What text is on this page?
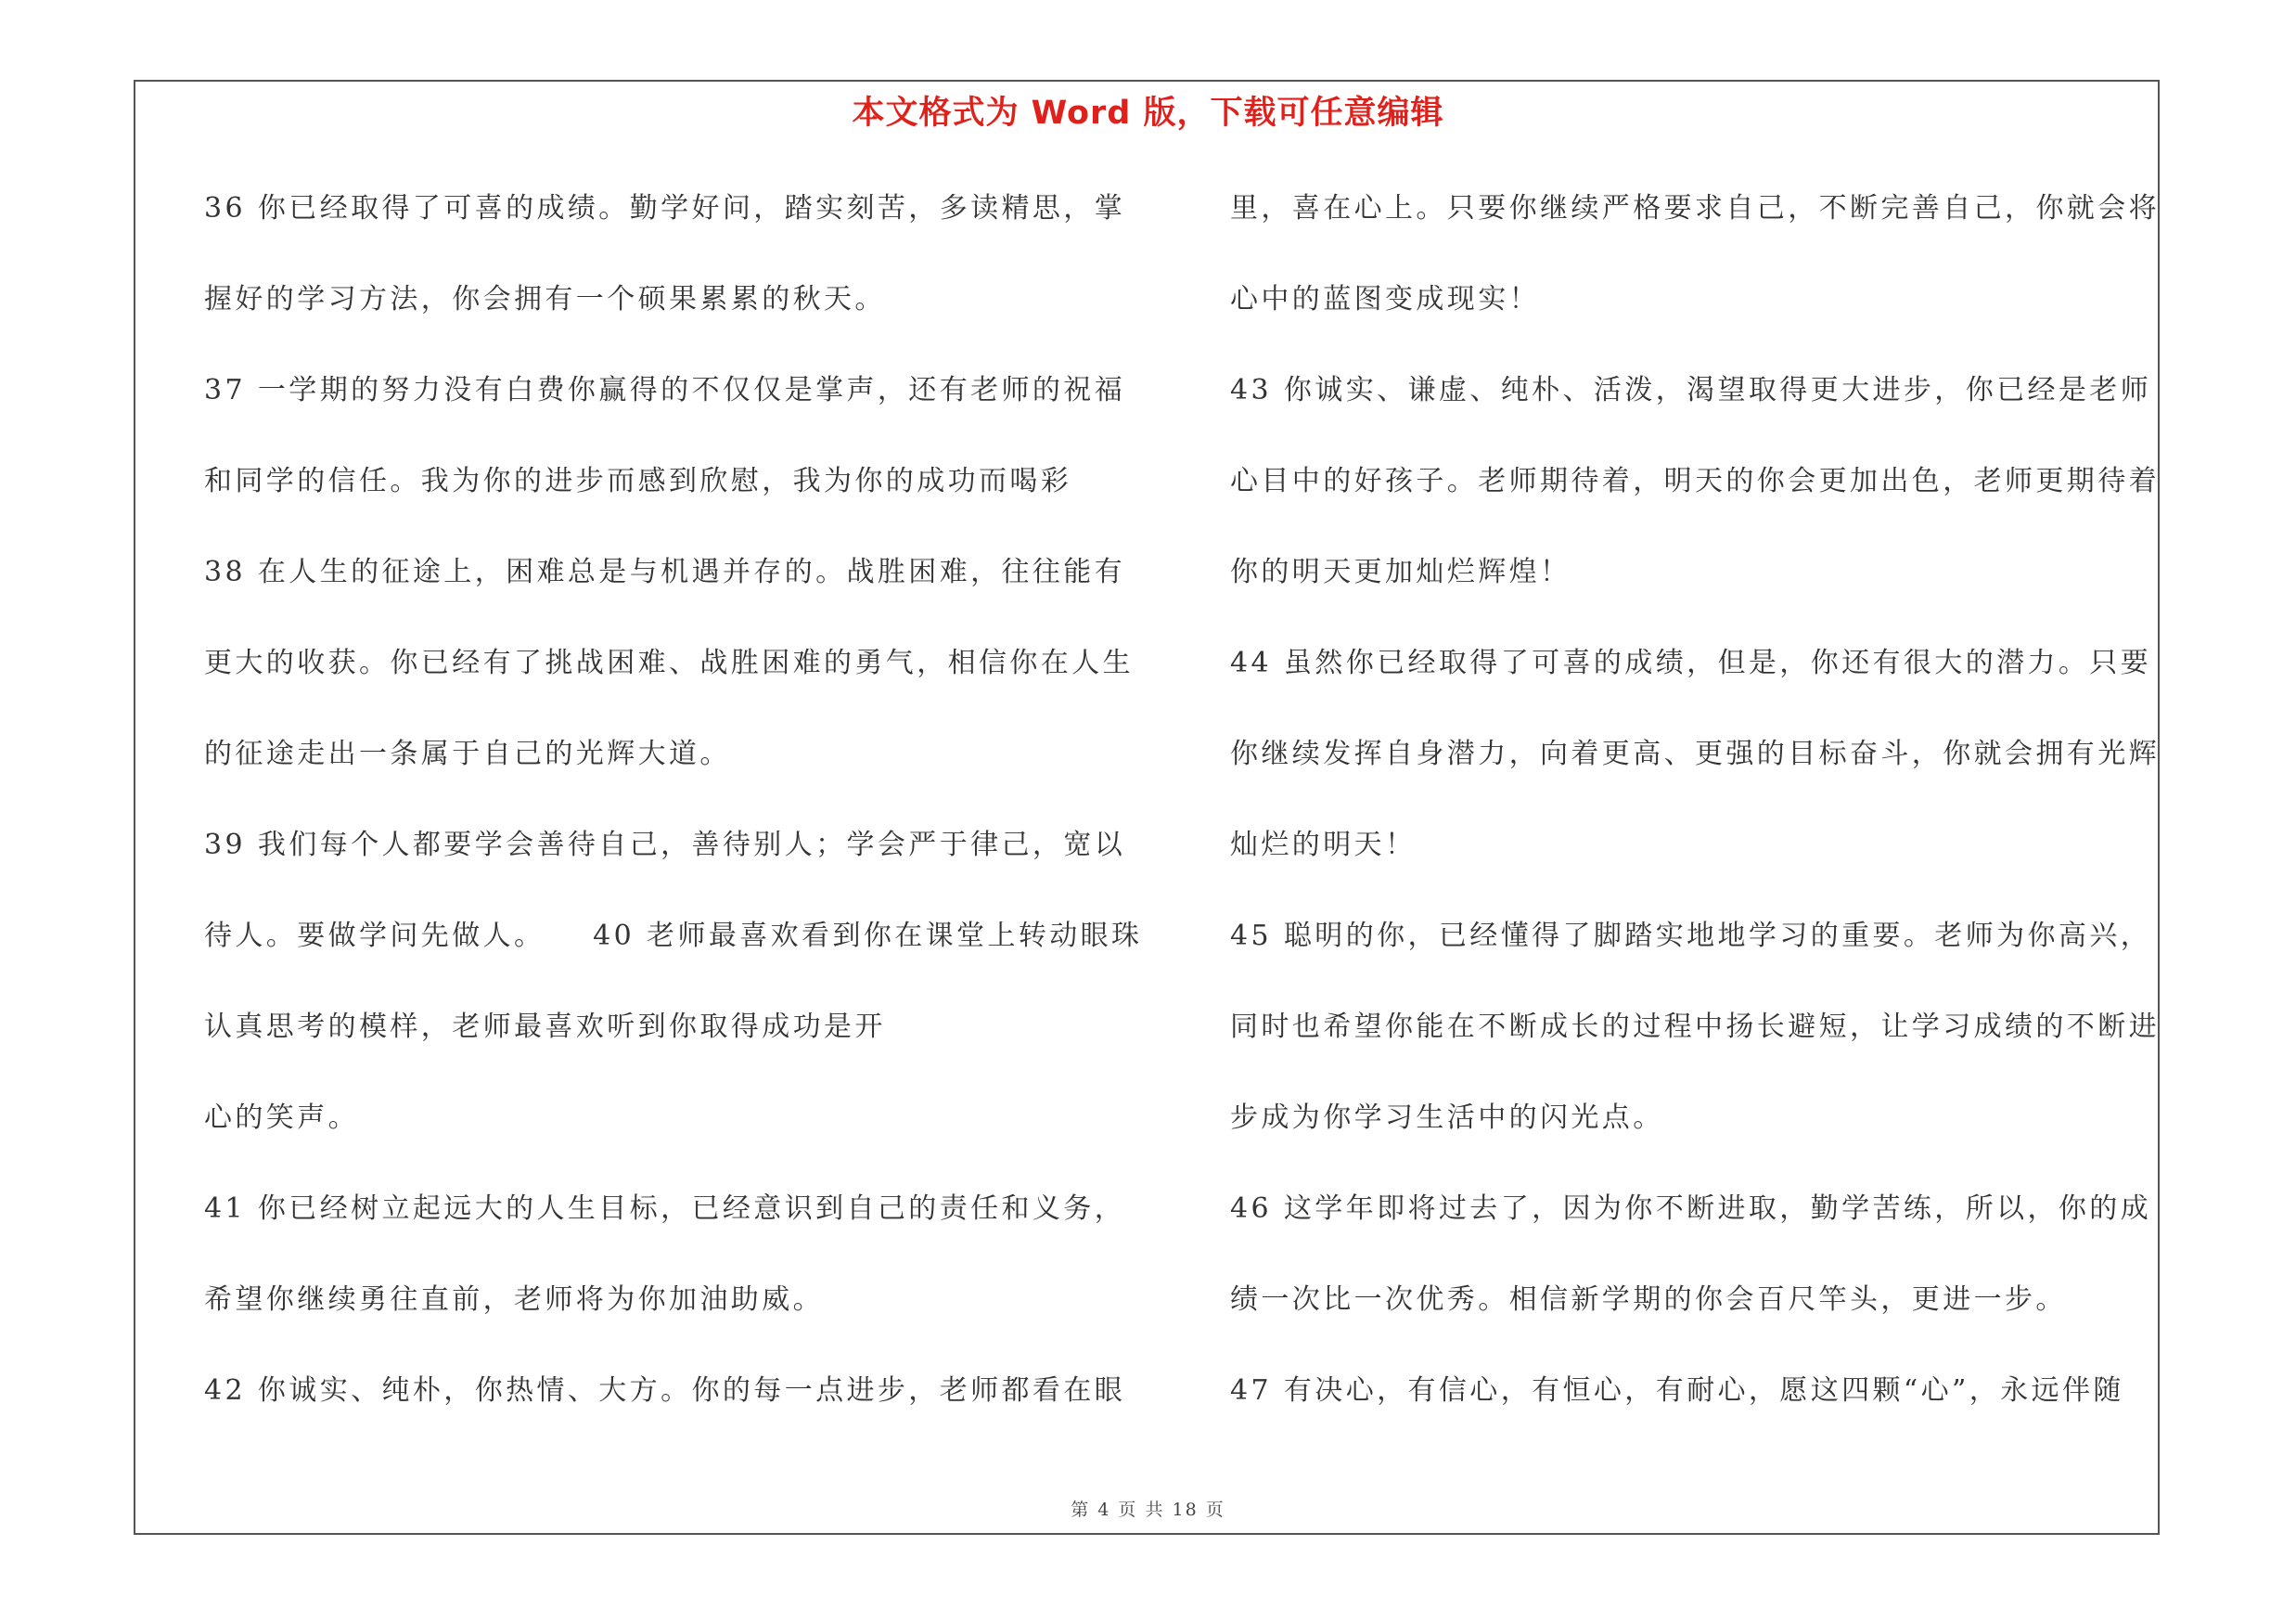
本文格式为 Word 版，下载可任意编辑
36 你已经取得了可喜的成绩。勤学好问，踏实刻苦，多读精思，掌
握好的学习方法，你会拥有一个硕果累累的秋天。
37 一学期的努力没有白费你赢得的不仅仅是掌声，还有老师的祝福
和同学的信任。我为你的进步而感到欣慰，我为你的成功而喝彩
38 在人生的征途上，困难总是与机遇并存的。战胜困难，往往能有
更大的收获。你已经有了挑战困难、战胜困难的勇气，相信你在人生
的征途走出一条属于自己的光辉大道。
39 我们每个人都要学会善待自己，善待别人；学会严于律己，宽以
待人。要做学问先做人。    40 老师最喜欢看到你在课堂上转动眼珠
认真思考的模样，老师最喜欢听到你取得成功是开
心的笑声。
41 你已经树立起远大的人生目标，已经意识到自己的责任和义务，
希望你继续勇往直前，老师将为你加油助威。
42 你诚实、纯朴，你热情、大方。你的每一点进步，老师都看在眼
里，喜在心上。只要你继续严格要求自己，不断完善自己，你就会将
心中的蓝图变成现实！
43 你诚实、谦虚、纯朴、活泼，渴望取得更大进步，你已经是老师
心目中的好孩子。老师期待着，明天的你会更加出色，老师更期待着
你的明天更加灿烂辉煌！
44 虽然你已经取得了可喜的成绩，但是，你还有很大的潜力。只要
你继续发挥自身潜力，向着更高、更强的目标奋斗，你就会拥有光辉
灿烂的明天！
45 聪明的你，已经懂得了脚踏实地地学习的重要。老师为你高兴，
同时也希望你能在不断成长的过程中扬长避短，让学习成绩的不断进
步成为你学习生活中的闪光点。
46 这学年即将过去了，因为你不断进取，勤学苦练，所以，你的成
绩一次比一次优秀。相信新学期的你会百尺竿头，更进一步。
47 有决心，有信心，有恒心，有耐心，愿这四颗“心”，永远伴随
第 4 页 共 18 页
